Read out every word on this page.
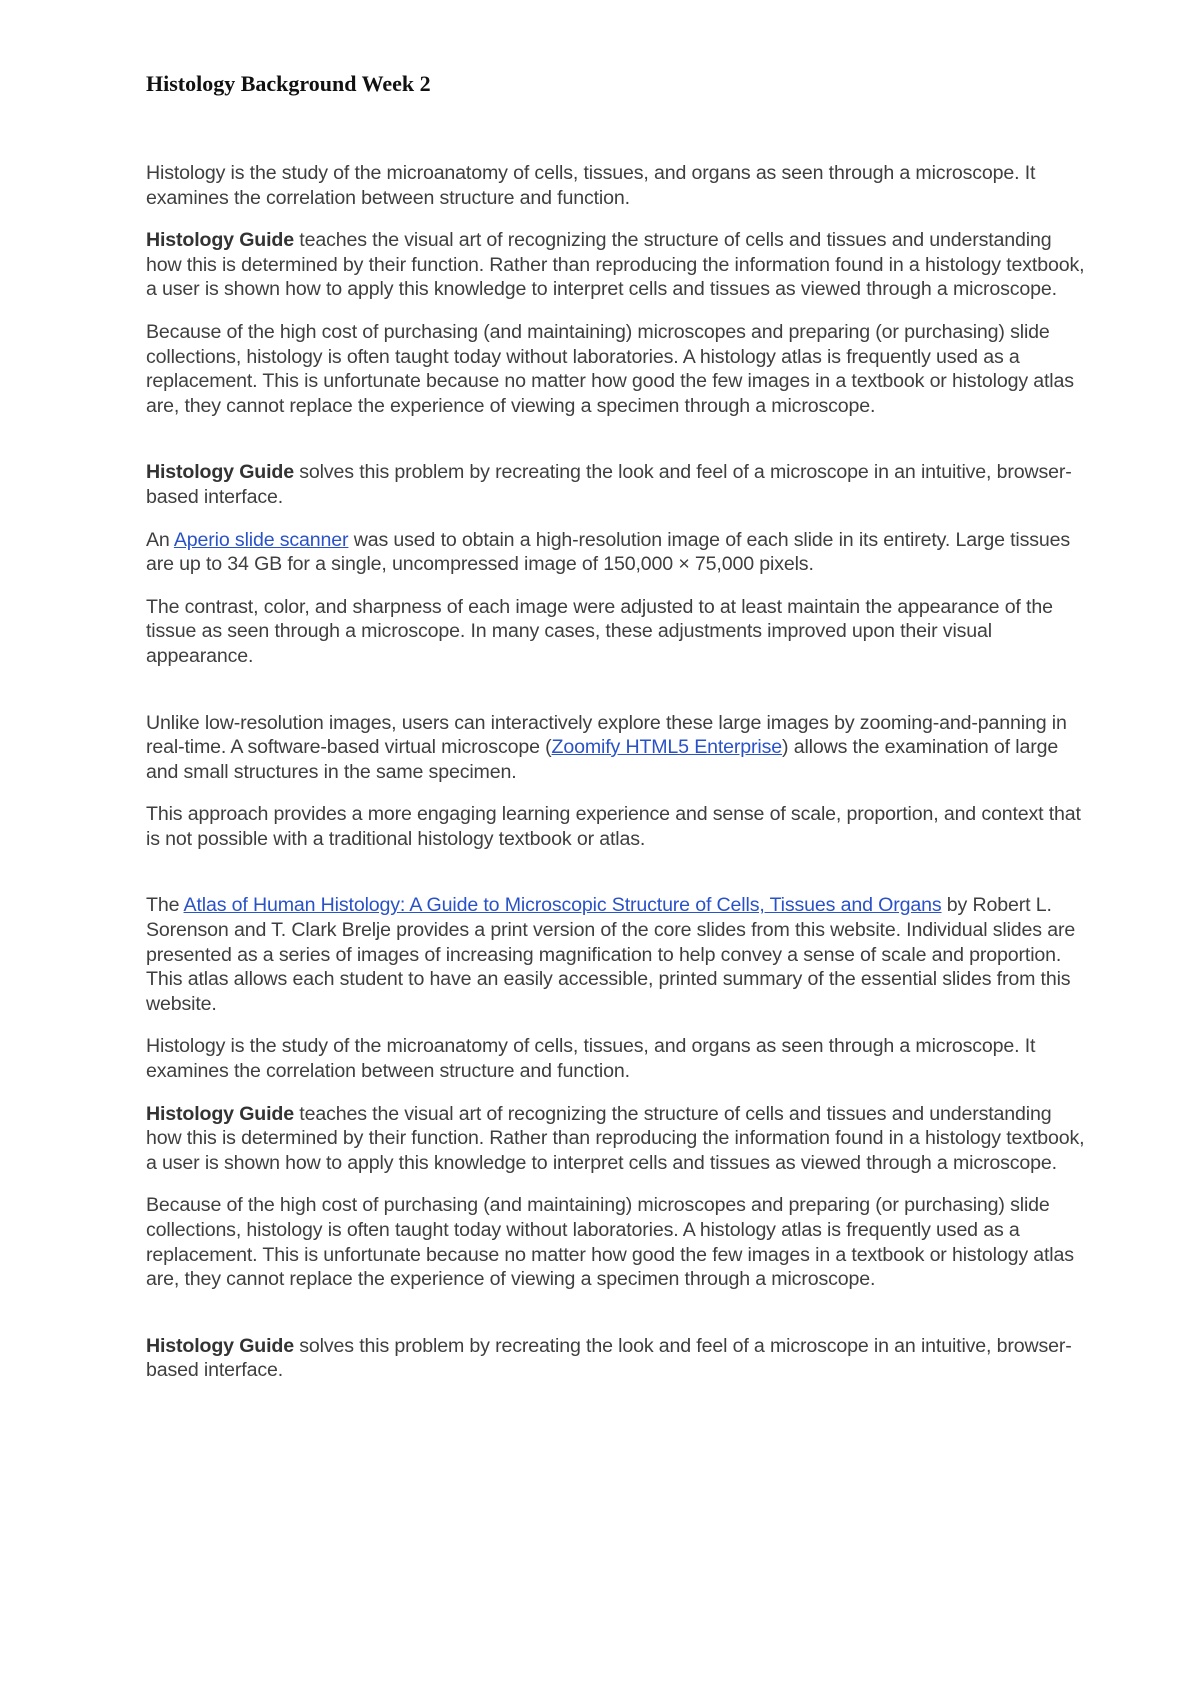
Histology Background Week 2

Histology is the study of the microanatomy of cells, tissues, and organs as seen through a microscope. It examines the correlation between structure and function.

Histology Guide teaches the visual art of recognizing the structure of cells and tissues and understanding how this is determined by their function. Rather than reproducing the information found in a histology textbook, a user is shown how to apply this knowledge to interpret cells and tissues as viewed through a microscope.

Because of the high cost of purchasing (and maintaining) microscopes and preparing (or purchasing) slide collections, histology is often taught today without laboratories. A histology atlas is frequently used as a replacement. This is unfortunate because no matter how good the few images in a textbook or histology atlas are, they cannot replace the experience of viewing a specimen through a microscope.

Histology Guide solves this problem by recreating the look and feel of a microscope in an intuitive, browser-based interface.

An Aperio slide scanner was used to obtain a high-resolution image of each slide in its entirety. Large tissues are up to 34 GB for a single, uncompressed image of 150,000 × 75,000 pixels.

The contrast, color, and sharpness of each image were adjusted to at least maintain the appearance of the tissue as seen through a microscope. In many cases, these adjustments improved upon their visual appearance.

Unlike low-resolution images, users can interactively explore these large images by zooming-and-panning in real-time. A software-based virtual microscope (Zoomify HTML5 Enterprise) allows the examination of large and small structures in the same specimen.

This approach provides a more engaging learning experience and sense of scale, proportion, and context that is not possible with a traditional histology textbook or atlas.

The Atlas of Human Histology: A Guide to Microscopic Structure of Cells, Tissues and Organs by Robert L. Sorenson and T. Clark Brelje provides a print version of the core slides from this website. Individual slides are presented as a series of images of increasing magnification to help convey a sense of scale and proportion. This atlas allows each student to have an easily accessible, printed summary of the essential slides from this website.

Histology is the study of the microanatomy of cells, tissues, and organs as seen through a microscope. It examines the correlation between structure and function.

Histology Guide teaches the visual art of recognizing the structure of cells and tissues and understanding how this is determined by their function. Rather than reproducing the information found in a histology textbook, a user is shown how to apply this knowledge to interpret cells and tissues as viewed through a microscope.

Because of the high cost of purchasing (and maintaining) microscopes and preparing (or purchasing) slide collections, histology is often taught today without laboratories. A histology atlas is frequently used as a replacement. This is unfortunate because no matter how good the few images in a textbook or histology atlas are, they cannot replace the experience of viewing a specimen through a microscope.

Histology Guide solves this problem by recreating the look and feel of a microscope in an intuitive, browser-based interface.
